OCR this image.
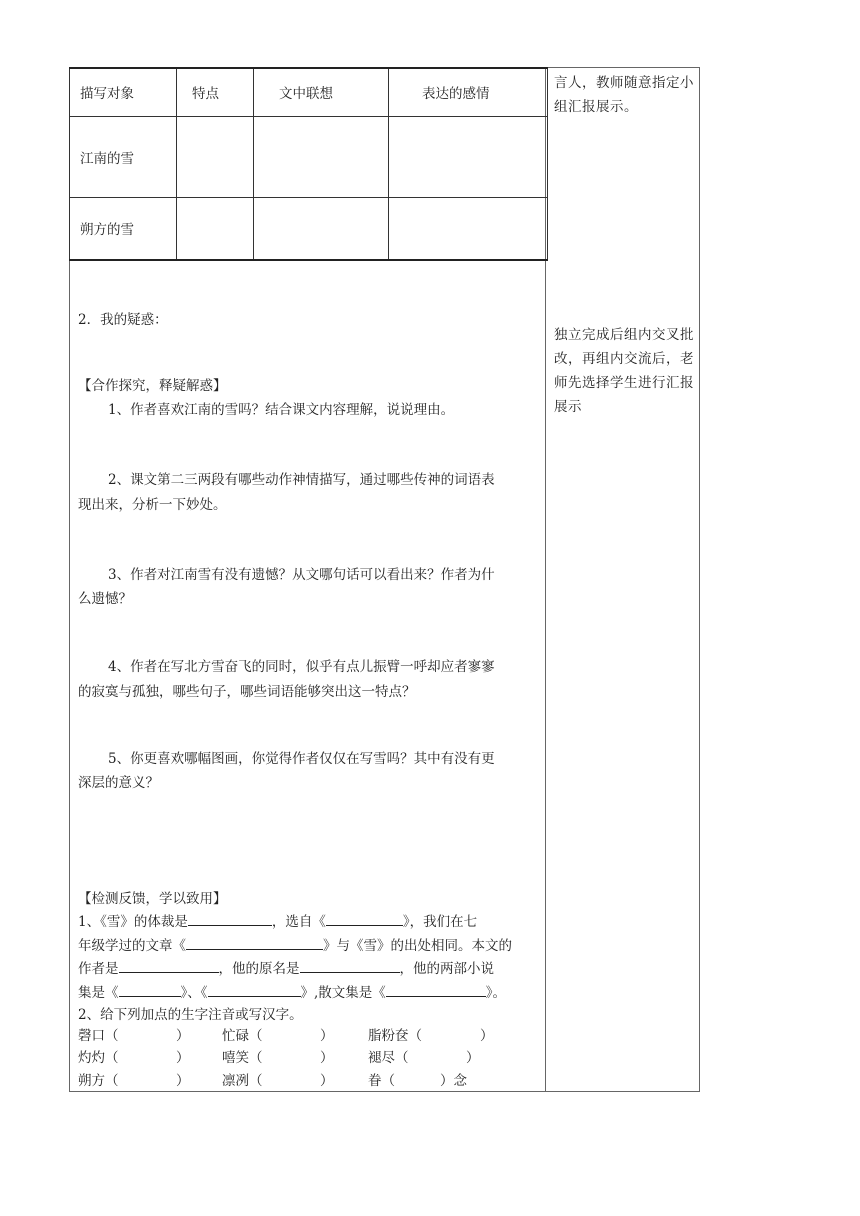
描写对象	特点	文中联想	表达的感情
江南的雪			
朔方的雪			
言人，教师随意指定小组汇报展示。
独立完成后组内交叉批改，再组内交流后，老师先选择学生进行汇报展示
2．我的疑惑：
【合作探究，释疑解惑】
1、作者喜欢江南的雪吗？结合课文内容理解，说说理由。
2、课文第二三两段有哪些动作神情描写，通过哪些传神的词语表
现出来，分析一下妙处。
3、作者对江南雪有没有遗憾？从文哪句话可以看出来？作者为什
么遗憾？
4、作者在写北方雪奋飞的同时，似乎有点儿振臂一呼却应者寥寥
的寂寞与孤独，哪些句子，哪些词语能够突出这一特点？
5、你更喜欢哪幅图画，你觉得作者仅仅在写雪吗？其中有没有更
深层的意义？
【检测反馈，学以致用】
1、《雪》的体裁是	，选自《	》，我们在七
年级学过的文章《	》与《雪》的出处相同。本文的
作者是	，他的原名是	，他的两部小说
集是《	》、《	》,散文集是《	》。
2、给下列加点的生字注音或写汉字。
磬口（	） 忙碌（	）	脂粉奁（	）
灼灼（	） 嘻笑（	）	褪尽（	）
朔方（	） 凛冽（	）	眷（	）念
